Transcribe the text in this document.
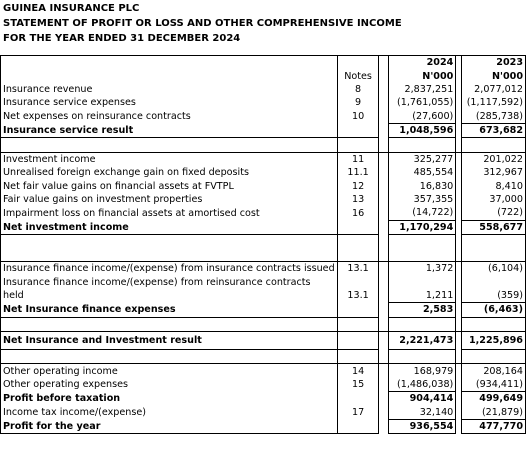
GUINEA INSURANCE PLC
STATEMENT OF PROFIT OR LOSS AND OTHER COMPREHENSIVE INCOME
FOR THE YEAR ENDED 31 DECEMBER 2024
			2024		2023
	Notes		N'000		N'000
Insurance revenue	8		2,837,251		2,077,012
Insurance service expenses	9		(1,761,055)		(1,117,592)
Net expenses on reinsurance contracts	10		(27,600)		(285,738)
Insurance service result			1,048,596		673,682

Investment income	11		325,277		201,022
Unrealised foreign exchange gain on fixed deposits	11.1		485,554		312,967
Net fair value gains on financial assets at FVTPL	12		16,830		8,410
Fair value gains on investment properties	13		357,355		37,000
Impairment loss on financial assets at amortised cost	16		(14,722)		(722)
Net investment income			1,170,294		558,677

Insurance finance income/(expense) from insurance contracts issued	13.1		1,372		(6,104)
Insurance finance income/(expense) from reinsurance contracts					
held	13.1		1,211		(359)
Net Insurance finance expenses			2,583		(6,463)

Net Insurance and Investment result			2,221,473		1,225,896

Other operating income	14		168,979		208,164
Other operating expenses	15		(1,486,038)		(934,411)
Profit before taxation			904,414		499,649
Income tax income/(expense)	17		32,140		(21,879)
Profit for the year			936,554		477,770
